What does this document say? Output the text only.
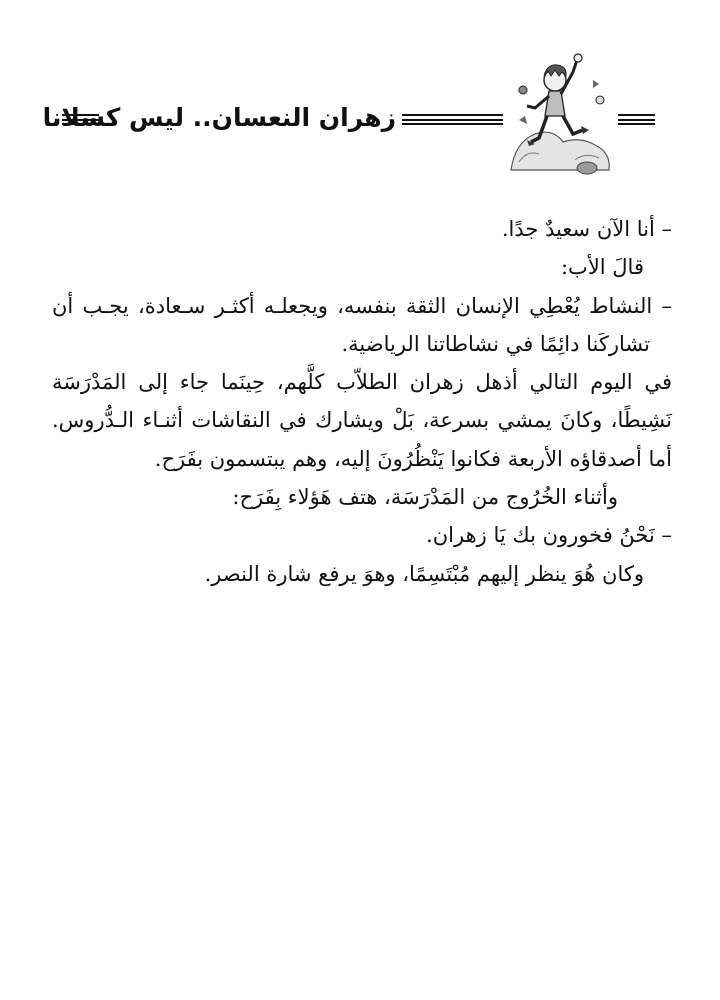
زهران النعسان.. ليس كسلانا
– أنا الآن سعيدٌ جدًا.
قالَ الأب:
– النشاط يُعْطِي الإنسان الثقة بنفسه، ويجعلـه أكثـر سـعادة، يجـب أن
تشاركَنا دائِمًا في نشاطاتنا الرياضية.
في اليوم التالي أذهل زهران الطلاّب كلَّهم، حِينَما جاء إلى المَدْرَسَة
نَشِيطًا، وكانَ يمشي بسرعة، بَلْ ويشارك في النقاشات أثنـاء الـدُّروس.
أما أصدقاؤه الأربعة فكانوا يَنْظُرُونَ إليه، وهم يبتسمون بفَرَح.
وأثناء الخُرُوج من المَدْرَسَة، هتف هَؤلاء بِفَرَح:
– نَحْنُ فخورون بك يَا زهران.
وكان هُوَ ينظر إليهم مُبْتَسِمًا، وهوَ يرفع شارة النصر.
